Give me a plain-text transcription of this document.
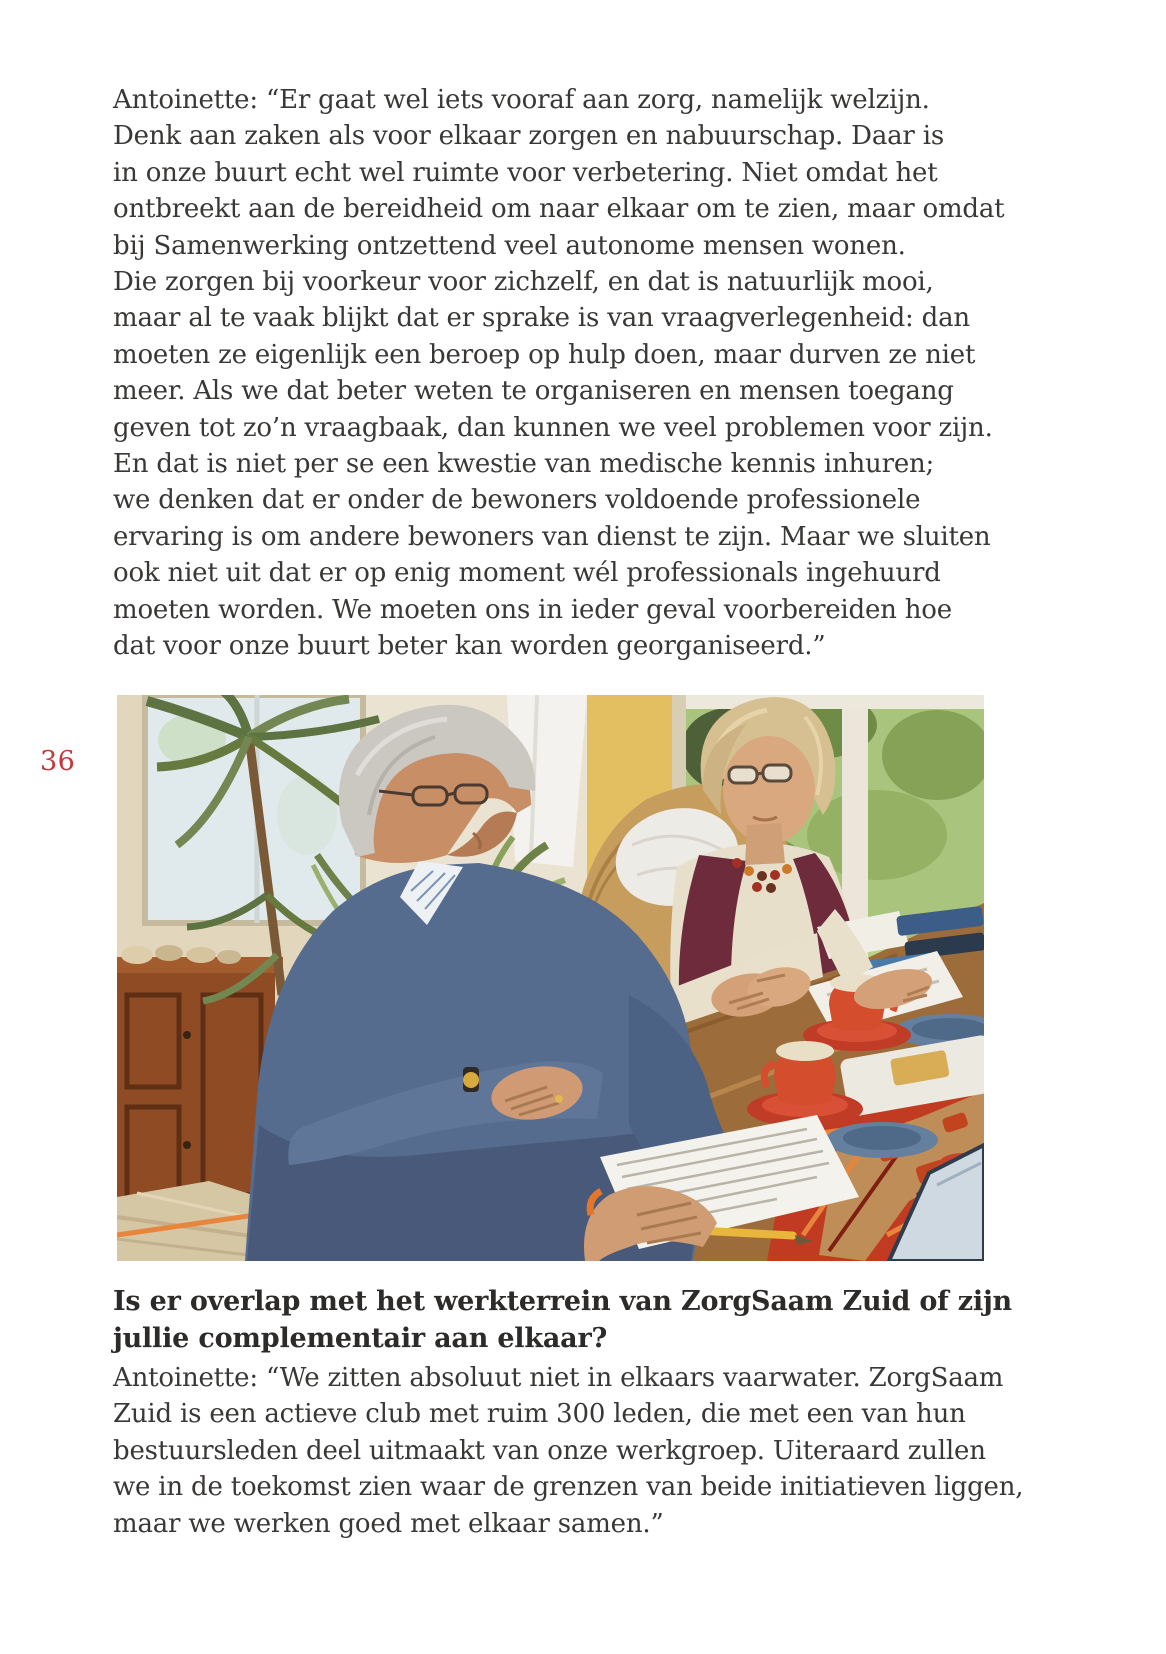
36
Antoinette: “Er gaat wel iets vooraf aan zorg, namelijk welzijn.
Denk aan zaken als voor elkaar zorgen en nabuurschap. Daar is
in onze buurt echt wel ruimte voor verbetering. Niet omdat het
ontbreekt aan de bereidheid om naar elkaar om te zien, maar omdat
bij Samenwerking ontzettend veel autonome mensen wonen.
Die zorgen bij voorkeur voor zichzelf, en dat is natuurlijk mooi,
maar al te vaak blijkt dat er sprake is van vraagverlegenheid: dan
moeten ze eigenlijk een beroep op hulp doen, maar durven ze niet
meer. Als we dat beter weten te organiseren en mensen toegang
geven tot zo’n vraagbaak, dan kunnen we veel problemen voor zijn.
En dat is niet per se een kwestie van medische kennis inhuren;
we denken dat er onder de bewoners voldoende professionele
ervaring is om andere bewoners van dienst te zijn. Maar we sluiten
ook niet uit dat er op enig moment wél professionals ingehuurd
moeten worden. We moeten ons in ieder geval voorbereiden hoe
dat voor onze buurt beter kan worden georganiseerd.”
Is er overlap met het werkterrein van ZorgSaam Zuid of zijn
jullie complementair aan elkaar?
Antoinette: “We zitten absoluut niet in elkaars vaarwater. ZorgSaam
Zuid is een actieve club met ruim 300 leden, die met een van hun
bestuursleden deel uitmaakt van onze werkgroep. Uiteraard zullen
we in de toekomst zien waar de grenzen van beide initiatieven liggen,
maar we werken goed met elkaar samen.”
